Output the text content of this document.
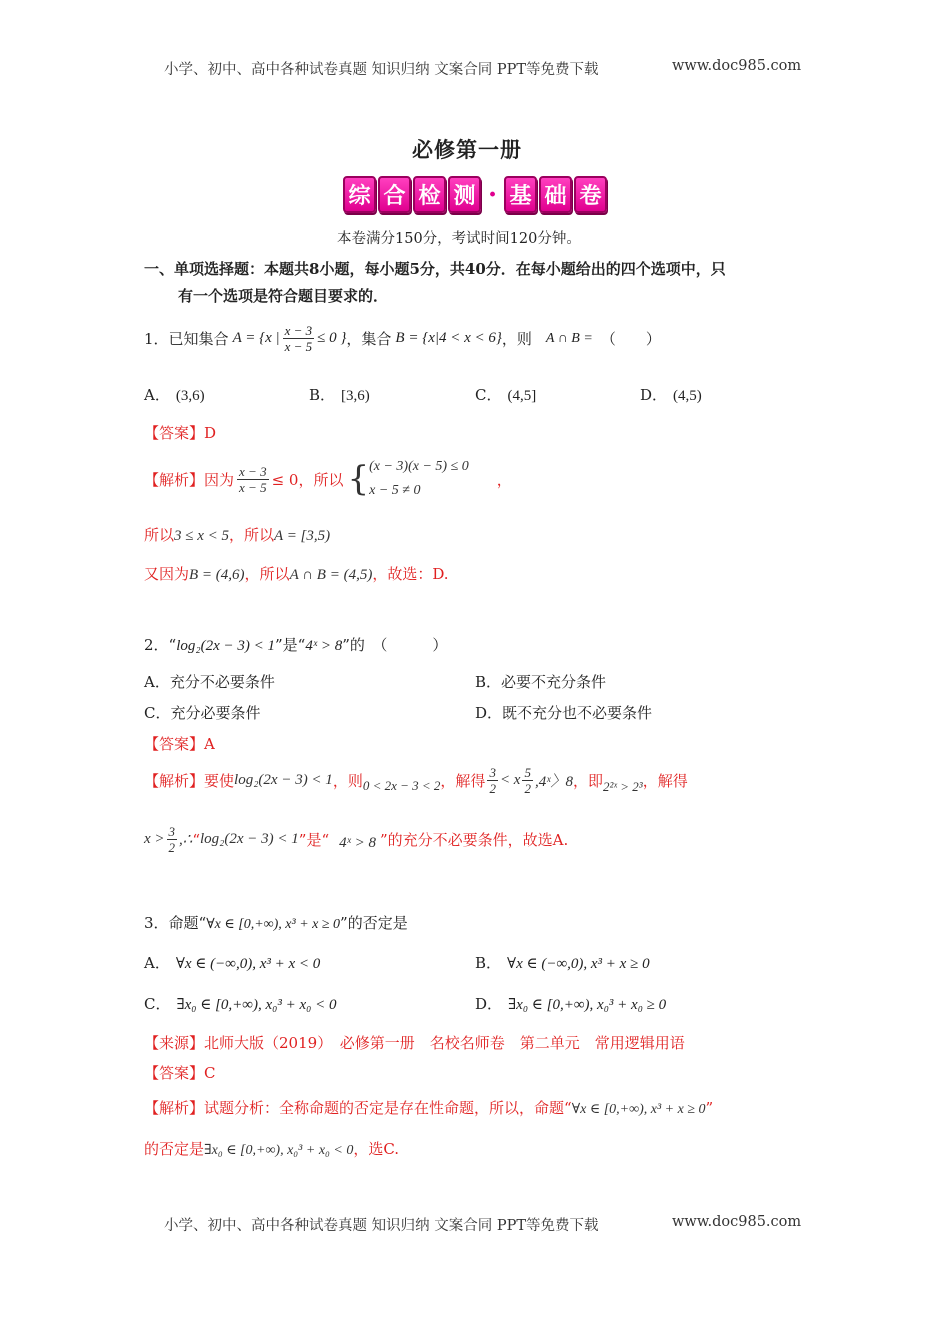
小学、初中、高中各种试卷真题 知识归纳 文案合同 PPT等免费下载	www.doc985.com
必修第一册
综 合 检 测 · 基 础 卷
本卷满分150分，考试时间120分钟。
一、单项选择题：本题共8小题，每小题5分，共40分．在每小题给出的四个选项中，只
有一个选项是符合题目要求的．
1． 已知集合 A = {x | $\frac{x - 3}{x - 5} \le 0$ } ，集合 B = {x|4 < x < 6} ，则 A ∩ B = （　　）
A． (3,6)	B． [3,6)	C． (4,5]	D． (4,5)
【答案】D
【解析】 因为 $\frac{x - 3}{x - 5} \le 0$，所以 { (x − 3)(x − 5) ≤ 0
x − 5 ≠ 0
，
所以3 ≤ x < 5，所以A = [3,5)
又因为B = (4,6)，所以A ∩ B = (4,5)，故选：D.
2．“log₂(2x − 3) < 1”是“4ˣ > 8”的　（　　　）
A．充分不必要条件	B．必要不充分条件
C．充分必要条件	D．既不充分也不必要条件
【答案】A
【解析】 要使 log₂(2x − 3) < 1 ，则 0 < 2x − 3 < 2 ，解得 $\frac{3}{2} < x \frac{5}{2}$ ,4ˣ〉8 ，即 2²ˣ > 2³ ，解得
$x > \frac{3}{2}$ ,∴ “ log₂(2x − 3) < 1 ”是“ 4ˣ > 8 ”的充分不必要条件，故选A.
3．命题“∀x ∈ [0,+∞), x³ + x ≥ 0”的否定是
A． ∀x ∈ (−∞,0), x³ + x < 0	B． ∀x ∈ (−∞,0), x³ + x ≥ 0
C． ∃x₀ ∈ [0,+∞), x₀³ + x₀ < 0	D． ∃x₀ ∈ [0,+∞), x₀³ + x₀ ≥ 0
【来源】北师大版（2019）　必修第一册　名校名师卷　第二单元　常用逻辑用语
【答案】C
【解析】试题分析：全称命题的否定是存在性命题，所以，命题“∀x ∈ [0,+∞), x³ + x ≥ 0”
的否定是∃x₀ ∈ [0,+∞), x₀³ + x₀ < 0，选C.
小学、初中、高中各种试卷真题 知识归纳 文案合同 PPT等免费下载	www.doc985.com
